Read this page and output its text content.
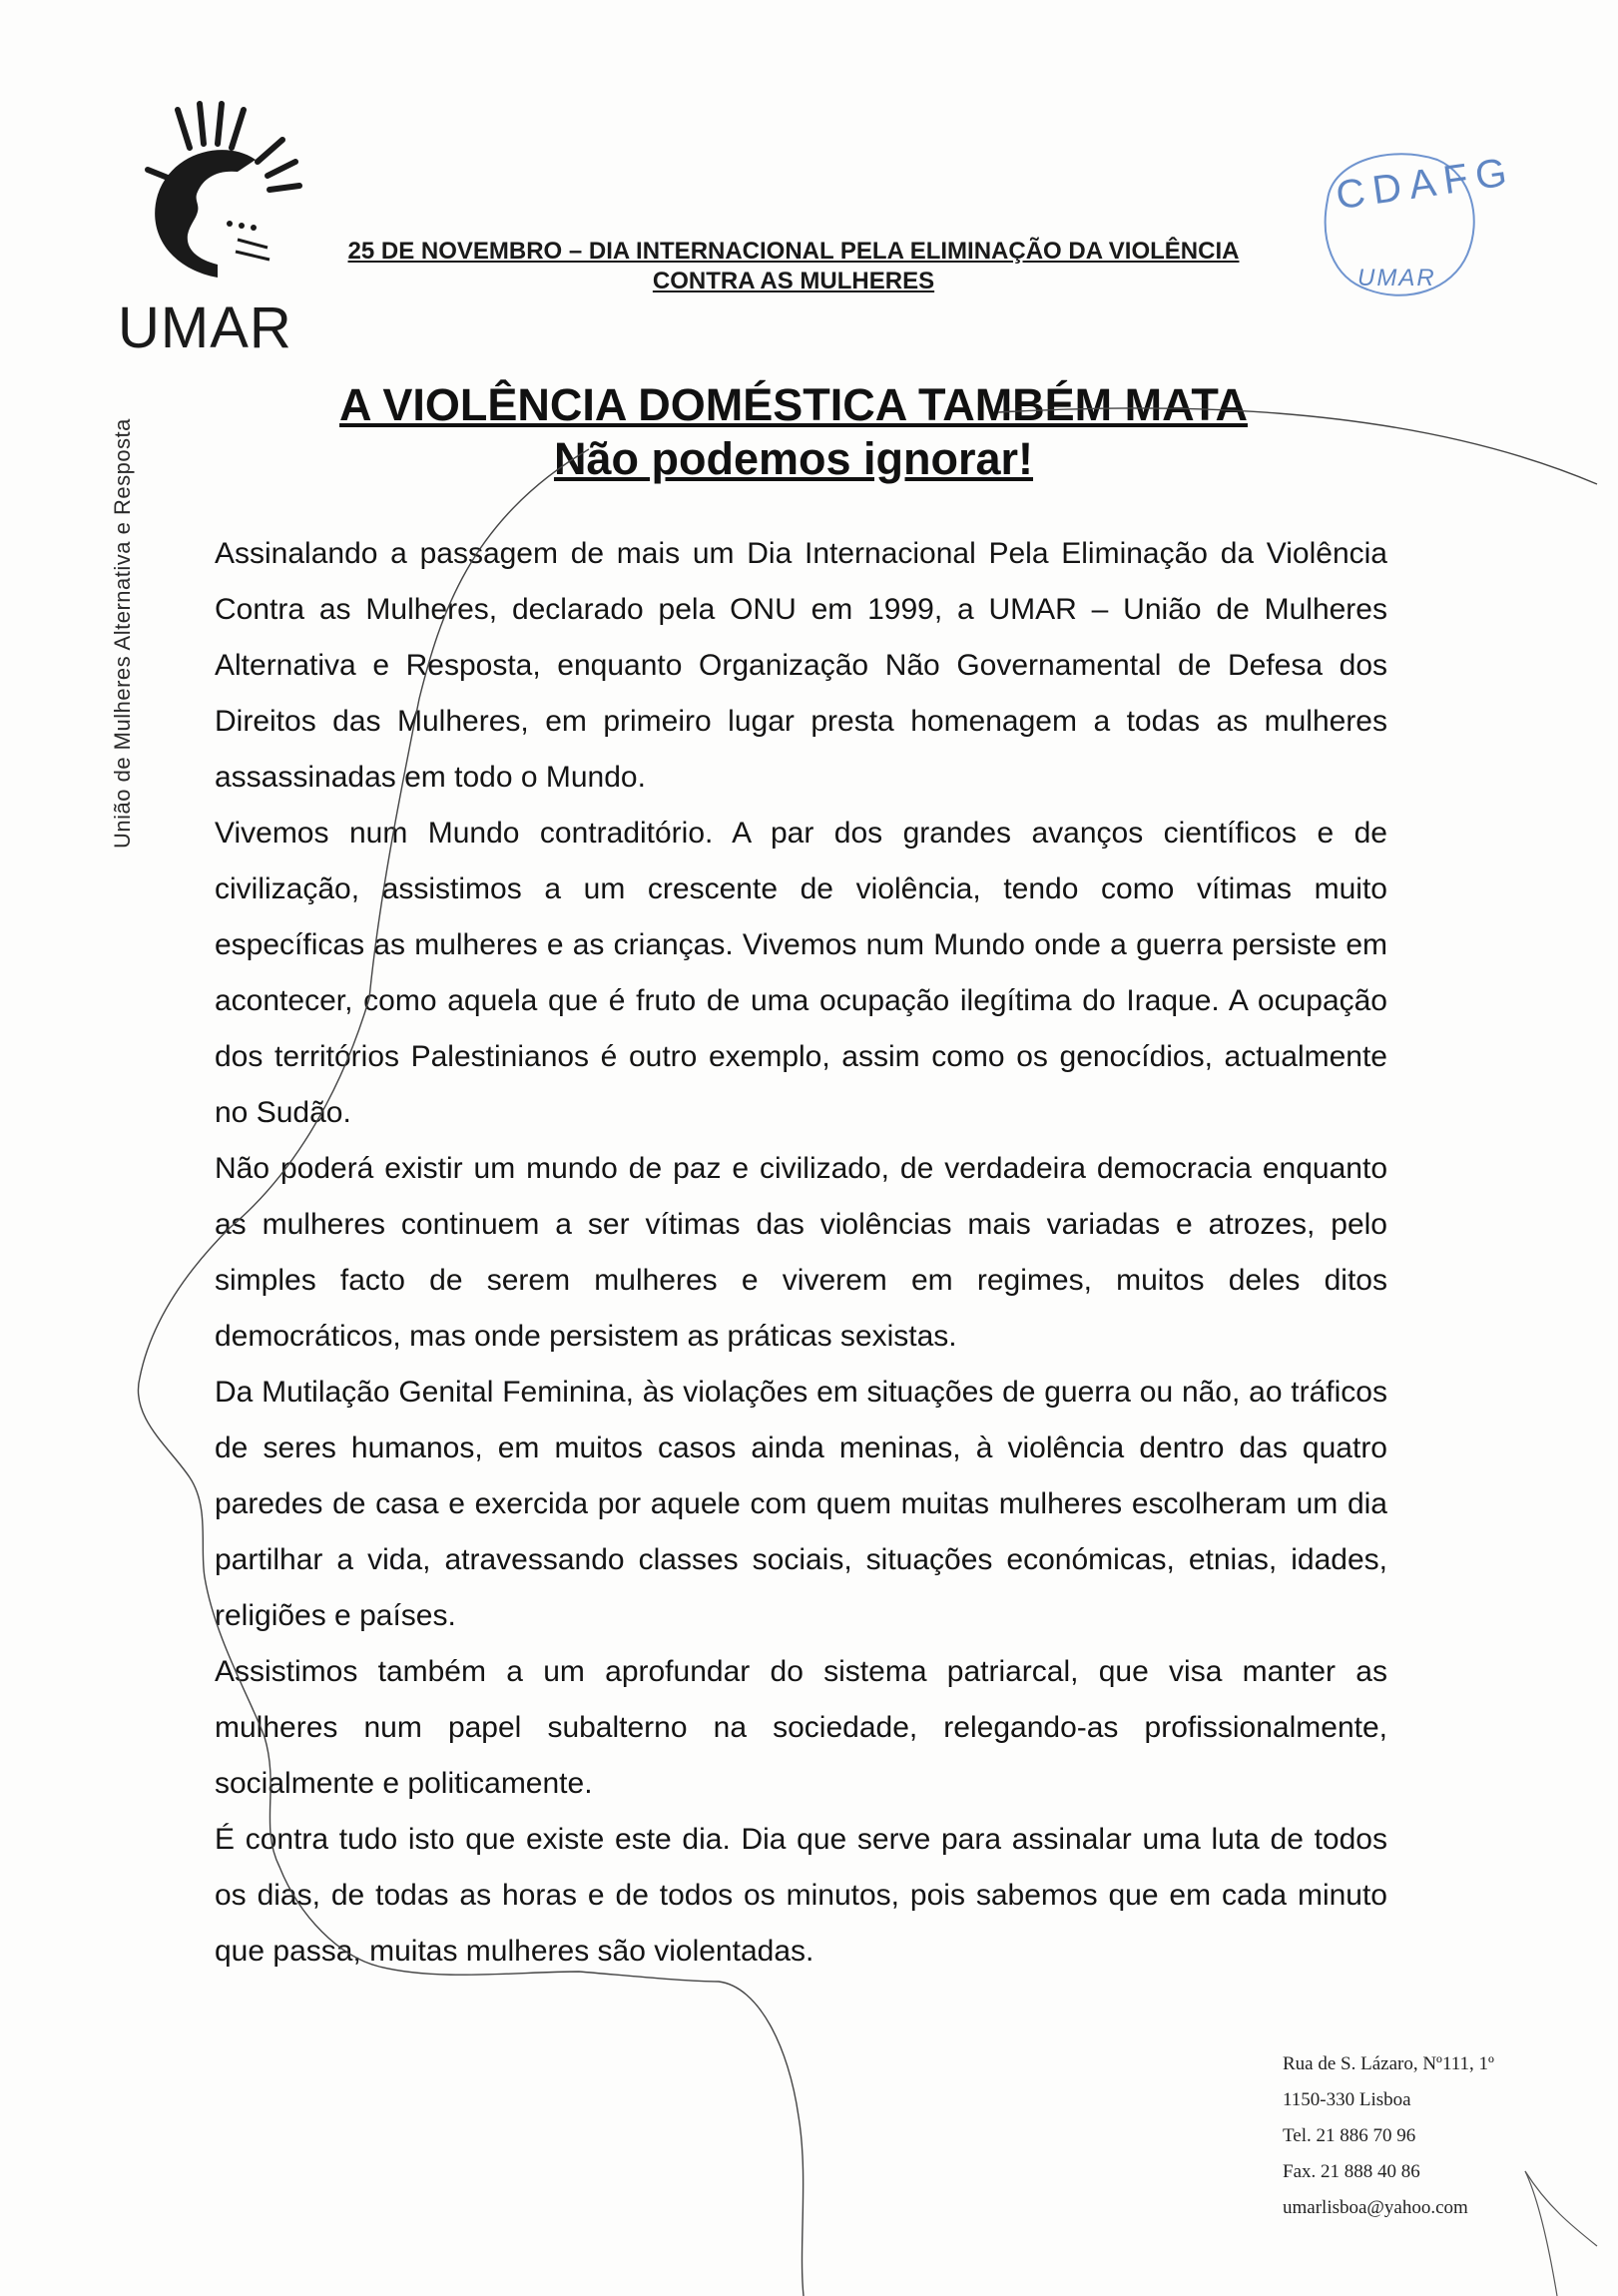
UMAR
25 DE NOVEMBRO – DIA INTERNACIONAL PELA ELIMINAÇÃO DA VIOLÊNCIA
CONTRA AS MULHERES
CDAFG
UMAR
União de Mulheres Alternativa e Resposta
A VIOLÊNCIA DOMÉSTICA TAMBÉM MATA
Não podemos ignorar!

Assinalando a passagem de mais um Dia Internacional Pela Eliminação da Violência Contra as Mulheres, declarado pela ONU em 1999, a UMAR – União de Mulheres Alternativa e Resposta, enquanto Organização Não Governamental de Defesa dos Direitos das Mulheres, em primeiro lugar presta homenagem a todas as mulheres assassinadas em todo o Mundo.

Vivemos num Mundo contraditório. A par dos grandes avanços científicos e de civilização, assistimos a um crescente de violência, tendo como vítimas muito específicas as mulheres e as crianças. Vivemos num Mundo onde a guerra persiste em acontecer, como aquela que é fruto de uma ocupação ilegítima do Iraque. A ocupação dos territórios Palestinianos é outro exemplo, assim como os genocídios, actualmente no Sudão.

Não poderá existir um mundo de paz e civilizado, de verdadeira democracia enquanto as mulheres continuem a ser vítimas das violências mais variadas e atrozes, pelo simples facto de serem mulheres e viverem em regimes, muitos deles ditos democráticos, mas onde persistem as práticas sexistas.

Da Mutilação Genital Feminina, às violações em situações de guerra ou não, ao tráficos de seres humanos, em muitos casos ainda meninas, à violência dentro das quatro paredes de casa e exercida por aquele com quem muitas mulheres escolheram um dia partilhar a vida, atravessando classes sociais, situações económicas, etnias, idades, religiões e países.

Assistimos também a um aprofundar do sistema patriarcal, que visa manter as mulheres num papel subalterno na sociedade, relegando-as profissionalmente, socialmente e politicamente.

É contra tudo isto que existe este dia. Dia que serve para assinalar uma luta de todos os dias, de todas as horas e de todos os minutos, pois sabemos que em cada minuto que passa, muitas mulheres são violentadas.

Rua de S. Lázaro, Nº111, 1º
1150-330 Lisboa
Tel. 21 886 70 96
Fax. 21 888 40 86
umarlisboa@yahoo.com
